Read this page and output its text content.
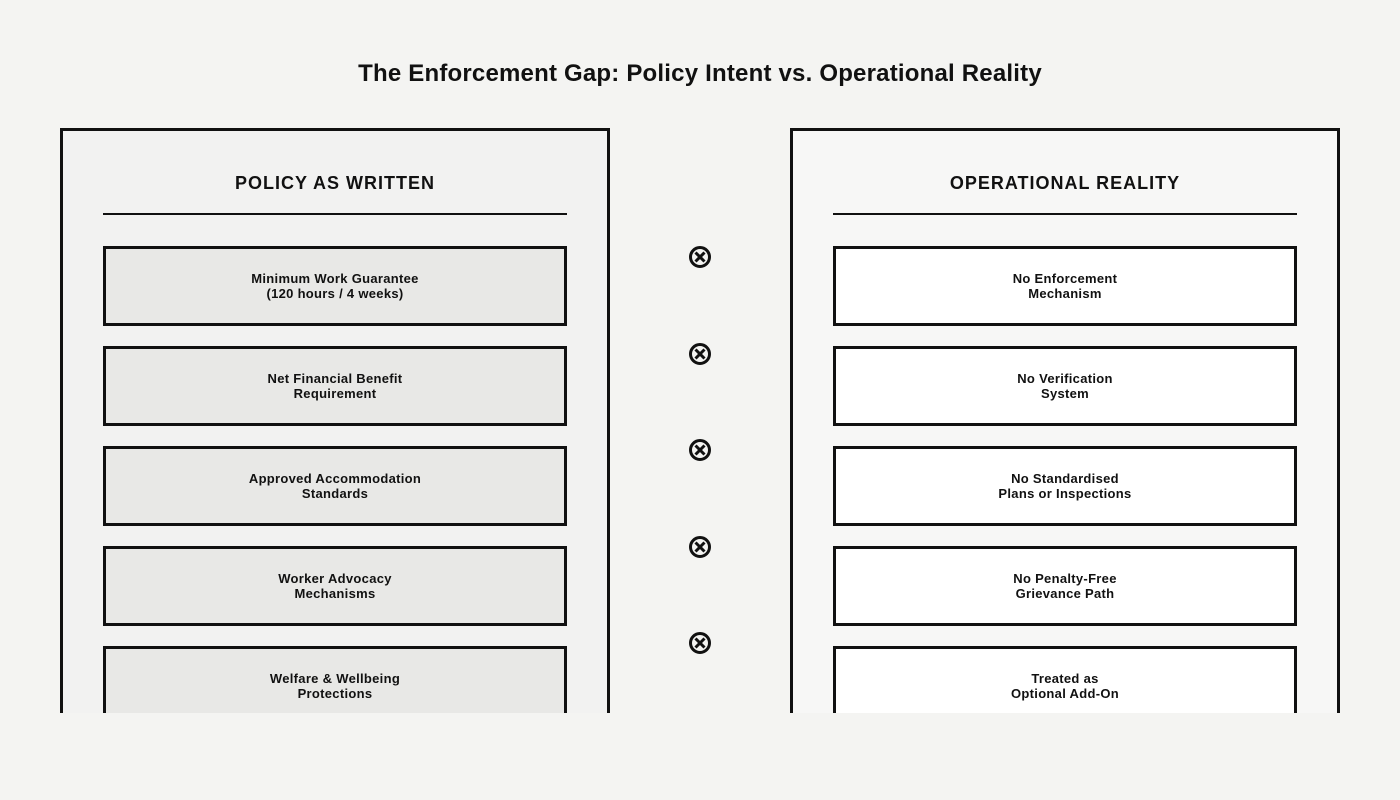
The Enforcement Gap: Policy Intent vs. Operational Reality
POLICY AS WRITTEN
Minimum Work Guarantee
(120 hours / 4 weeks)
Net Financial Benefit
Requirement
Approved Accommodation
Standards
Worker Advocacy
Mechanisms
Welfare & Wellbeing
Protections
OPERATIONAL REALITY
No Enforcement
Mechanism
No Verification
System
No Standardised
Plans or Inspections
No Penalty-Free
Grievance Path
Treated as
Optional Add-On
